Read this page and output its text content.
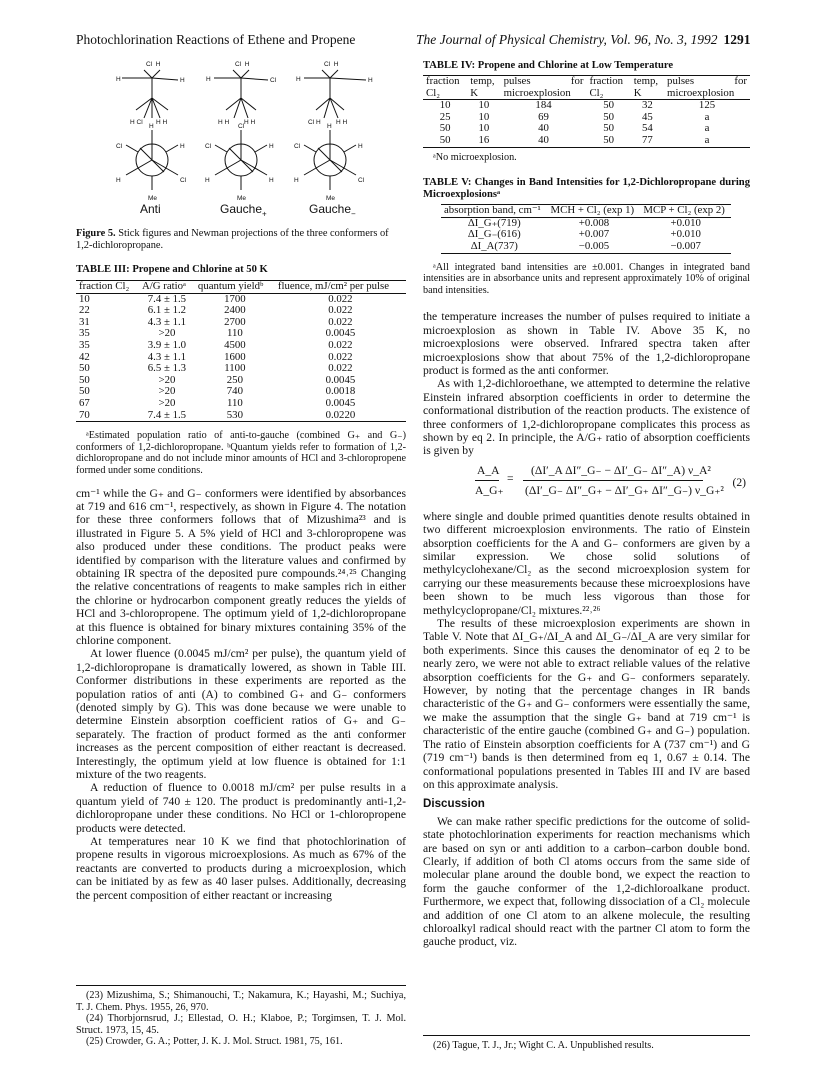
Photochlorination Reactions of Ethene and Propene	The Journal of Physical Chemistry, Vol. 96, No. 3, 1992 1291
Cl  H
H	H
H Cl H H
Cl  H
H	Cl
H H H H
Cl  H
H	H
Cl H H H
H
Cl	H
H	Cl
Me
Cl
Cl	H
H	H
Me
H
Cl	H
H	Cl
Me
Anti	Gauche$_+$	Gauche$_-$
Figure 5. Stick figures and Newman projections of the three conformers of 1,2-dichloropropane.
TABLE III: Propene and Chlorine at 50 K
fraction Cl₂	A/G ratioᵃ	quantum yieldᵇ	fluence, mJ/cm² per pulse
10	7.4 ± 1.5	1700	0.022
22	6.1 ± 1.2	2400	0.022
31	4.3 ± 1.1	2700	0.022
35	>20	110	0.0045
35	3.9 ± 1.0	4500	0.022
42	4.3 ± 1.1	1600	0.022
50	6.5 ± 1.3	1100	0.022
50	>20	250	0.0045
50	>20	740	0.0018
67	>20	110	0.0045
70	7.4 ± 1.5	530	0.0220

ᵃEstimated population ratio of anti-to-gauche (combined G₊ and G₋) conformers of 1,2-dichloropropane. ᵇQuantum yields refer to formation of 1,2-dichloropropane and do not include minor amounts of HCl and 3-chloropropene formed under some conditions.

cm⁻¹ while the G₊ and G₋ conformers were identified by absorbances at 719 and 616 cm⁻¹, respectively, as shown in Figure 4. The notation for these three conformers follows that of Mizushima²³ and is illustrated in Figure 5. A 5% yield of HCl and 3-chloropropene was also produced under these conditions. The product peaks were identified by comparison with the literature values and confirmed by obtaining IR spectra of the deposited pure compounds.²⁴˒²⁵ Changing the relative concentrations of reagents to make samples rich in either the chlorine or hydrocarbon component greatly reduces the yields of HCl and 3-chloropropene. The optimum yield of 1,2-dichloropropane at this fluence is obtained for binary mixtures containing 35% of the chlorine component.

At lower fluence (0.0045 mJ/cm² per pulse), the quantum yield of 1,2-dichloropropane is dramatically lowered, as shown in Table III. Conformer distributions in these experiments are reported as the population ratios of anti (A) to combined G₊ and G₋ conformers (denoted simply by G). This was done because we were unable to determine Einstein absorption coefficient ratios of G₊ and G₋ separately. The fraction of product formed as the anti conformer increases as the percent composition of either reactant is decreased. Interestingly, the optimum yield at low fluence is obtained for 1:1 mixture of the two reagents.

A reduction of fluence to 0.0018 mJ/cm² per pulse results in a quantum yield of 740 ± 120. The product is predominantly anti-1,2-dichloropropane under these conditions. No HCl or 1-chloropropene products were detected.

At temperatures near 10 K we find that photochlorination of propene results in vigorous microexplosions. As much as 67% of the reactants are converted to products during a microexplosion, which can be initiated by as few as 40 laser pulses. Additionally, decreasing the percent composition of either reactant or increasing

(23) Mizushima, S.; Shimanouchi, T.; Nakamura, K.; Hayashi, M.; Suchiya, T. J. Chem. Phys. 1955, 26, 970.

(24) Thorbjornsrud, J.; Ellestad, O. H.; Klaboe, P.; Torgimsen, T. J. Mol. Struct. 1973, 15, 45.

(25) Crowder, G. A.; Potter, J. K. J. Mol. Struct. 1981, 75, 161.

TABLE IV: Propene and Chlorine at Low Temperature
fraction Cl₂	temp, K	pulses for microexplosion	fraction Cl₂	temp, K	pulses for microexplosion
10	10	184	50	32	125
25	10	69	50	45	a
50	10	40	50	54	a
50	16	40	50	77	a

ᵃNo microexplosion.

TABLE V: Changes in Band Intensities for 1,2-Dichloropropane during Microexplosionsᵃ
absorption band, cm⁻¹	MCH + Cl₂ (exp 1)	MCP + Cl₂ (exp 2)
ΔI_G₊(719)	+0.008	+0.010
ΔI_G₋(616)	+0.007	+0.010
ΔI_A(737)	−0.005	−0.007

ᵃAll integrated band intensities are ±0.001. Changes in integrated band intensities are in absorbance units and represent approximately 10% of original band intensities.

the temperature increases the number of pulses required to initiate a microexplosion as shown in Table IV. Above 35 K, no microexplosions were observed. Infrared spectra taken after microexplosions show that about 75% of the 1,2-dichloropropane product is formed as the anti conformer.

As with 1,2-dichloroethane, we attempted to determine the relative Einstein infrared absorption coefficients in order to determine the conformational distribution of the reaction products. The existence of three conformers of 1,2-dichloropropane complicates this process as shown by eq 2. In principle, the A/G₊ ratio of absorption coefficients is given by

A_A
A_G₊
=
(ΔI′_A ΔI″_G₋ − ΔI′_G₋ ΔI″_A) ν_A²
(ΔI′_G₋ ΔI″_G₊ − ΔI′_G₊ ΔI″_G₋) ν_G₊²
(2)

where single and double primed quantities denote results obtained in two different microexplosion environments. The ratio of Einstein absorption coefficients for the A and G₋ conformers are given by a similar expression. We chose solid solutions of methylcyclohexane/Cl₂ as the second microexplosion system for carrying our these measurements because these microexplosions have been shown to be much less vigorous than those for methylcyclopropane/Cl₂ mixtures.²²˒²⁶

The results of these microexplosion experiments are shown in Table V. Note that ΔI_G₊/ΔI_A and ΔI_G₋/ΔI_A are very similar for both experiments. Since this causes the denominator of eq 2 to be nearly zero, we were not able to extract reliable values of the relative absorption coefficients for the G₊ and G₋ conformers separately. However, by noting that the percentage changes in IR bands characteristic of the G₊ and G₋ conformers were essentially the same, we make the assumption that the single G₊ band at 719 cm⁻¹ is characteristic of the entire gauche (combined G₊ and G₋) population. The ratio of Einstein absorption coefficients for A (737 cm⁻¹) and G (719 cm⁻¹) bands is then determined from eq 1, 0.67 ± 0.14. The conformational populations presented in Tables III and IV are based on this approximate analysis.

Discussion

We can make rather specific predictions for the outcome of solid-state photochlorination experiments for reaction mechanisms which are based on syn or anti addition to a carbon–carbon double bond. Clearly, if addition of both Cl atoms occurs from the same side of molecular plane around the double bond, we expect the reaction to form the gauche conformer of the 1,2-dichloroalkane product. Furthermore, we expect that, following dissociation of a Cl₂ molecule and addition of one Cl atom to an alkene molecule, the resulting chloroalkyl radical should react with the partner Cl atom to form the gauche product, viz.

(26) Tague, T. J., Jr.; Wight C. A. Unpublished results.
